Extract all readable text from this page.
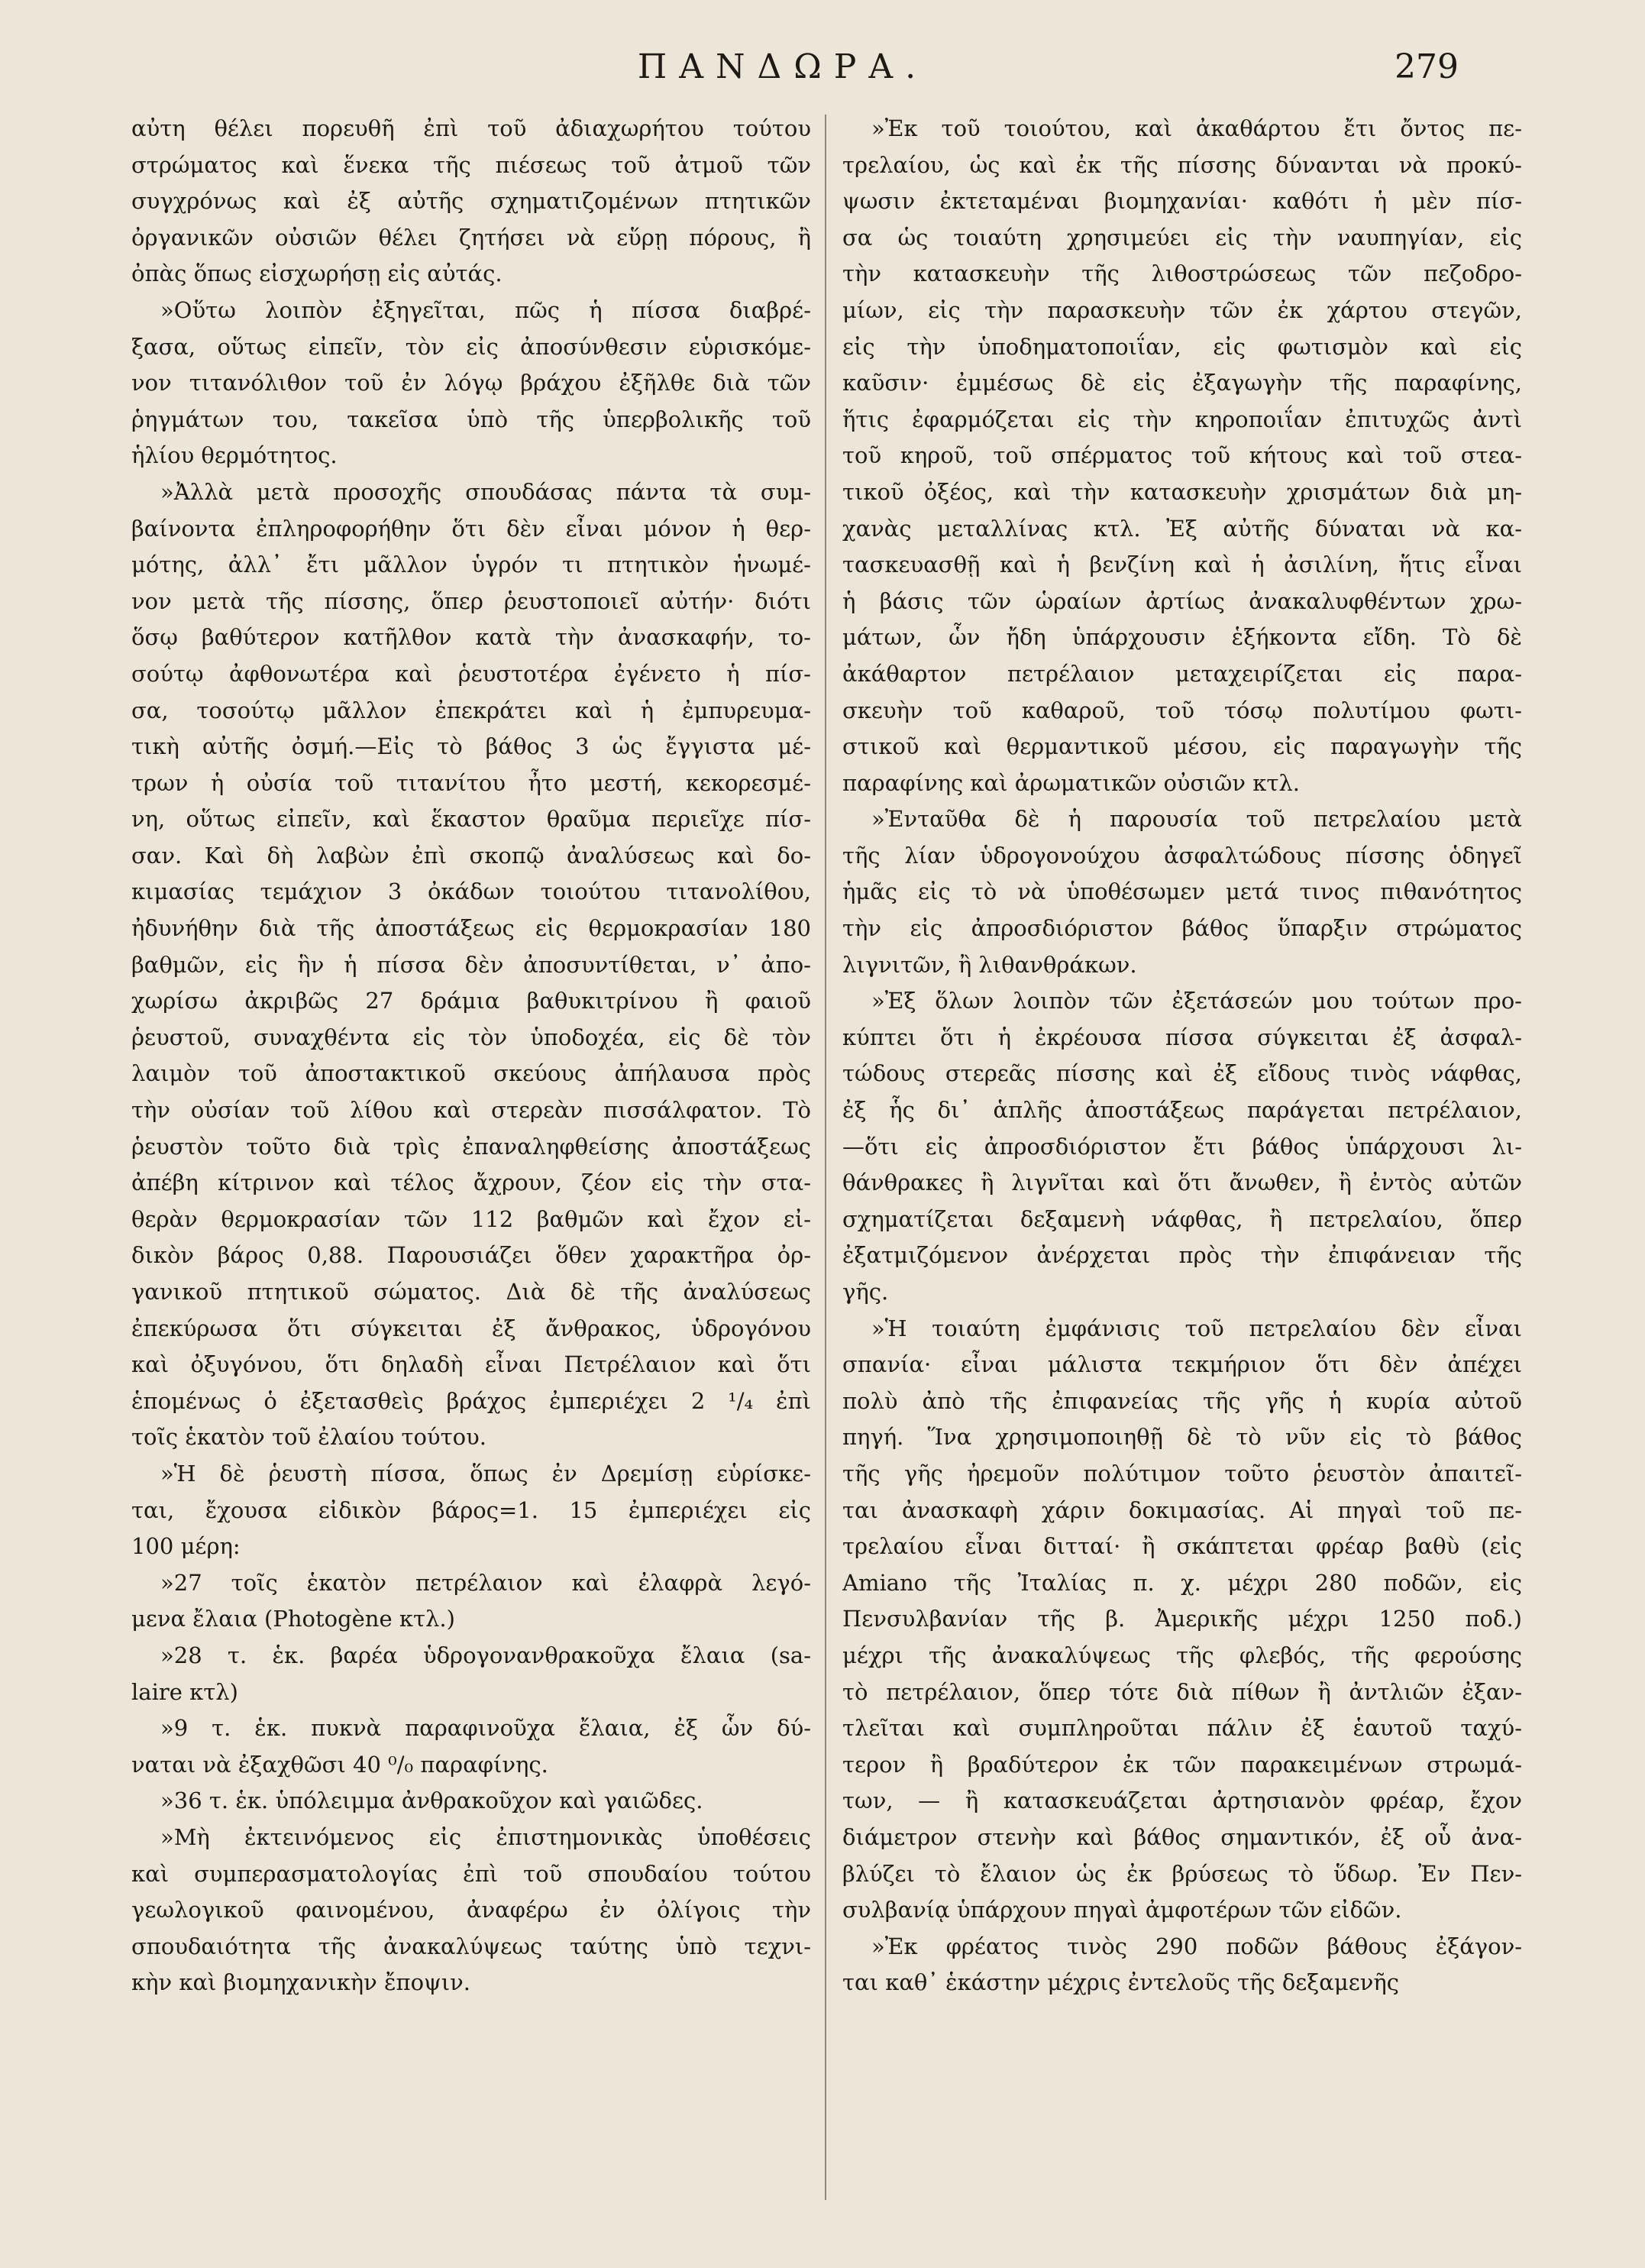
ΠΑΝΔΩΡΑ.	279
αὐτη θέλει πορευθῆ ἐπὶ τοῦ ἀδιαχωρήτου τούτου
στρώματος καὶ ἕνεκα τῆς πιέσεως τοῦ ἀτμοῦ τῶν
συγχρόνως καὶ ἐξ αὐτῆς σχηματιζομένων πτητικῶν
ὀργανικῶν οὐσιῶν θέλει ζητήσει νὰ εὕρῃ πόρους, ἢ
ὀπὰς ὅπως εἰσχωρήσῃ εἰς αὐτάς.
»Οὕτω λοιπὸν ἐξηγεῖται, πῶς ἡ πίσσα διαβρέ-
ξασα, οὕτως εἰπεῖν, τὸν εἰς ἀποσύνθεσιν εὑρισκόμε-
νον τιτανόλιθον τοῦ ἐν λόγῳ βράχου ἐξῆλθε διὰ τῶν
ῥηγμάτων του, τακεῖσα ὑπὸ τῆς ὑπερβολικῆς τοῦ
ἡλίου θερμότητος.
»Ἀλλὰ μετὰ προσοχῆς σπουδάσας πάντα τὰ συμ-
βαίνοντα ἐπληροφορήθην ὅτι δὲν εἶναι μόνον ἡ θερ-
μότης, ἀλλ᾽ ἔτι μᾶλλον ὑγρόν τι πτητικὸν ἡνωμέ-
νον μετὰ τῆς πίσσης, ὅπερ ῥευστοποιεῖ αὐτήν· διότι
ὅσῳ βαθύτερον κατῆλθον κατὰ τὴν ἀνασκαφήν, το-
σούτῳ ἀφθονωτέρα καὶ ῥευστοτέρα ἐγένετο ἡ πίσ-
σα, τοσούτῳ μᾶλλον ἐπεκράτει καὶ ἡ ἐμπυρευμα-
τικὴ αὐτῆς ὀσμή.—Εἰς τὸ βάθος 3 ὡς ἔγγιστα μέ-
τρων ἡ οὐσία τοῦ τιτανίτου ἦτο μεστή, κεκορεσμέ-
νη, οὕτως εἰπεῖν, καὶ ἕκαστον θραῦμα περιεῖχε πίσ-
σαν. Καὶ δὴ λαβὼν ἐπὶ σκοπῷ ἀναλύσεως καὶ δο-
κιμασίας τεμάχιον 3 ὀκάδων τοιούτου τιτανολίθου,
ἠδυνήθην διὰ τῆς ἀποστάξεως εἰς θερμοκρασίαν 180
βαθμῶν, εἰς ἣν ἡ πίσσα δὲν ἀποσυντίθεται, ν᾽ ἀπο-
χωρίσω ἀκριβῶς 27 δράμια βαθυκιτρίνου ἢ φαιοῦ
ῥευστοῦ, συναχθέντα εἰς τὸν ὑποδοχέα, εἰς δὲ τὸν
λαιμὸν τοῦ ἀποστακτικοῦ σκεύους ἀπήλαυσα πρὸς
τὴν οὐσίαν τοῦ λίθου καὶ στερεὰν πισσάλφατον. Τὸ
ῥευστὸν τοῦτο διὰ τρὶς ἐπαναληφθείσης ἀποστάξεως
ἀπέβη κίτρινον καὶ τέλος ἄχρουν, ζέον εἰς τὴν στα-
θερὰν θερμοκρασίαν τῶν 112 βαθμῶν καὶ ἔχον εἰ-
δικὸν βάρος 0,88. Παρουσιάζει ὅθεν χαρακτῆρα ὀρ-
γανικοῦ πτητικοῦ σώματος. Διὰ δὲ τῆς ἀναλύσεως
ἐπεκύρωσα ὅτι σύγκειται ἐξ ἄνθρακος, ὑδρογόνου
καὶ ὀξυγόνου, ὅτι δηλαδὴ εἶναι Πετρέλαιον καὶ ὅτι
ἑπομένως ὁ ἐξετασθεὶς βράχος ἐμπεριέχει 2 ¹/₄ ἐπὶ
τοῖς ἑκατὸν τοῦ ἐλαίου τούτου.
»Ἡ δὲ ῥευστὴ πίσσα, ὅπως ἐν Δρεμίσῃ εὑρίσκε-
ται, ἔχουσα εἰδικὸν βάρος=1. 15 ἐμπεριέχει εἰς
100 μέρη:
»27 τοῖς ἑκατὸν πετρέλαιον καὶ ἐλαφρὰ λεγό-
μενα ἔλαια (Photogène κτλ.)
»28 τ. ἑκ. βαρέα ὑδρογονανθρακοῦχα ἔλαια (sa-
laire κτλ)
»9 τ. ἑκ. πυκνὰ παραφινοῦχα ἔλαια, ἐξ ὧν δύ-
ναται νὰ ἐξαχθῶσι 40 ⁰/₀ παραφίνης.
»36 τ. ἑκ. ὑπόλειμμα ἀνθρακοῦχον καὶ γαιῶδες.
»Μὴ ἐκτεινόμενος εἰς ἐπιστημονικὰς ὑποθέσεις
καὶ συμπερασματολογίας ἐπὶ τοῦ σπουδαίου τούτου
γεωλογικοῦ φαινομένου, ἀναφέρω ἐν ὀλίγοις τὴν
σπουδαιότητα τῆς ἀνακαλύψεως ταύτης ὑπὸ τεχνι-
κὴν καὶ βιομηχανικὴν ἔποψιν.
»Ἐκ τοῦ τοιούτου, καὶ ἀκαθάρτου ἔτι ὄντος πε-
τρελαίου, ὡς καὶ ἐκ τῆς πίσσης δύνανται νὰ προκύ-
ψωσιν ἐκτεταμέναι βιομηχανίαι· καθότι ἡ μὲν πίσ-
σα ὡς τοιαύτη χρησιμεύει εἰς τὴν ναυπηγίαν, εἰς
τὴν κατασκευὴν τῆς λιθοστρώσεως τῶν πεζοδρο-
μίων, εἰς τὴν παρασκευὴν τῶν ἐκ χάρτου στεγῶν,
εἰς τὴν ὑποδηματοποιΐαν, εἰς φωτισμὸν καὶ εἰς
καῦσιν· ἐμμέσως δὲ εἰς ἐξαγωγὴν τῆς παραφίνης,
ἥτις ἐφαρμόζεται εἰς τὴν κηροποιΐαν ἐπιτυχῶς ἀντὶ
τοῦ κηροῦ, τοῦ σπέρματος τοῦ κήτους καὶ τοῦ στεα-
τικοῦ ὀξέος, καὶ τὴν κατασκευὴν χρισμάτων διὰ μη-
χανὰς μεταλλίνας κτλ. Ἐξ αὐτῆς δύναται νὰ κα-
τασκευασθῇ καὶ ἡ βενζίνη καὶ ἡ ἀσιλίνη, ἥτις εἶναι
ἡ βάσις τῶν ὡραίων ἀρτίως ἀνακαλυφθέντων χρω-
μάτων, ὧν ἤδη ὑπάρχουσιν ἑξήκοντα εἴδη. Τὸ δὲ
ἀκάθαρτον πετρέλαιον μεταχειρίζεται εἰς παρα-
σκευὴν τοῦ καθαροῦ, τοῦ τόσῳ πολυτίμου φωτι-
στικοῦ καὶ θερμαντικοῦ μέσου, εἰς παραγωγὴν τῆς
παραφίνης καὶ ἀρωματικῶν οὐσιῶν κτλ.
»Ἐνταῦθα δὲ ἡ παρουσία τοῦ πετρελαίου μετὰ
τῆς λίαν ὑδρογονούχου ἀσφαλτώδους πίσσης ὁδηγεῖ
ἡμᾶς εἰς τὸ νὰ ὑποθέσωμεν μετά τινος πιθανότητος
τὴν εἰς ἀπροσδιόριστον βάθος ὕπαρξιν στρώματος
λιγνιτῶν, ἢ λιθανθράκων.
»Ἐξ ὅλων λοιπὸν τῶν ἐξετάσεών μου τούτων προ-
κύπτει ὅτι ἡ ἐκρέουσα πίσσα σύγκειται ἐξ ἀσφαλ-
τώδους στερεᾶς πίσσης καὶ ἐξ εἴδους τινὸς νάφθας,
ἐξ ἧς δι᾽ ἁπλῆς ἀποστάξεως παράγεται πετρέλαιον,
—ὅτι εἰς ἀπροσδιόριστον ἔτι βάθος ὑπάρχουσι λι-
θάνθρακες ἢ λιγνῖται καὶ ὅτι ἄνωθεν, ἢ ἐντὸς αὐτῶν
σχηματίζεται δεξαμενὴ νάφθας, ἢ πετρελαίου, ὅπερ
ἐξατμιζόμενον ἀνέρχεται πρὸς τὴν ἐπιφάνειαν τῆς
γῆς.
»Ἡ τοιαύτη ἐμφάνισις τοῦ πετρελαίου δὲν εἶναι
σπανία· εἶναι μάλιστα τεκμήριον ὅτι δὲν ἀπέχει
πολὺ ἀπὸ τῆς ἐπιφανείας τῆς γῆς ἡ κυρία αὐτοῦ
πηγή. Ἵνα χρησιμοποιηθῇ δὲ τὸ νῦν εἰς τὸ βάθος
τῆς γῆς ἠρεμοῦν πολύτιμον τοῦτο ῥευστὸν ἀπαιτεῖ-
ται ἀνασκαφὴ χάριν δοκιμασίας. Αἱ πηγαὶ τοῦ πε-
τρελαίου εἶναι διτταί· ἢ σκάπτεται φρέαρ βαθὺ (εἰς
Amiano τῆς Ἰταλίας π. χ. μέχρι 280 ποδῶν, εἰς
Πενσυλβανίαν τῆς β. Ἀμερικῆς μέχρι 1250 ποδ.)
μέχρι τῆς ἀνακαλύψεως τῆς φλεβός, τῆς φερούσης
τὸ πετρέλαιον, ὅπερ τότε διὰ πίθων ἢ ἀντλιῶν ἐξαν-
τλεῖται καὶ συμπληροῦται πάλιν ἐξ ἑαυτοῦ ταχύ-
τερον ἢ βραδύτερον ἐκ τῶν παρακειμένων στρωμά-
των, — ἢ κατασκευάζεται ἀρτησιανὸν φρέαρ, ἔχον
διάμετρον στενὴν καὶ βάθος σημαντικόν, ἐξ οὗ ἀνα-
βλύζει τὸ ἔλαιον ὡς ἐκ βρύσεως τὸ ὕδωρ. Ἐν Πεν-
συλβανίᾳ ὑπάρχουν πηγαὶ ἀμφοτέρων τῶν εἰδῶν.
»Ἐκ φρέατος τινὸς 290 ποδῶν βάθους ἐξάγον-
ται καθ᾽ ἑκάστην μέχρις ἐντελοῦς τῆς δεξαμενῆς
